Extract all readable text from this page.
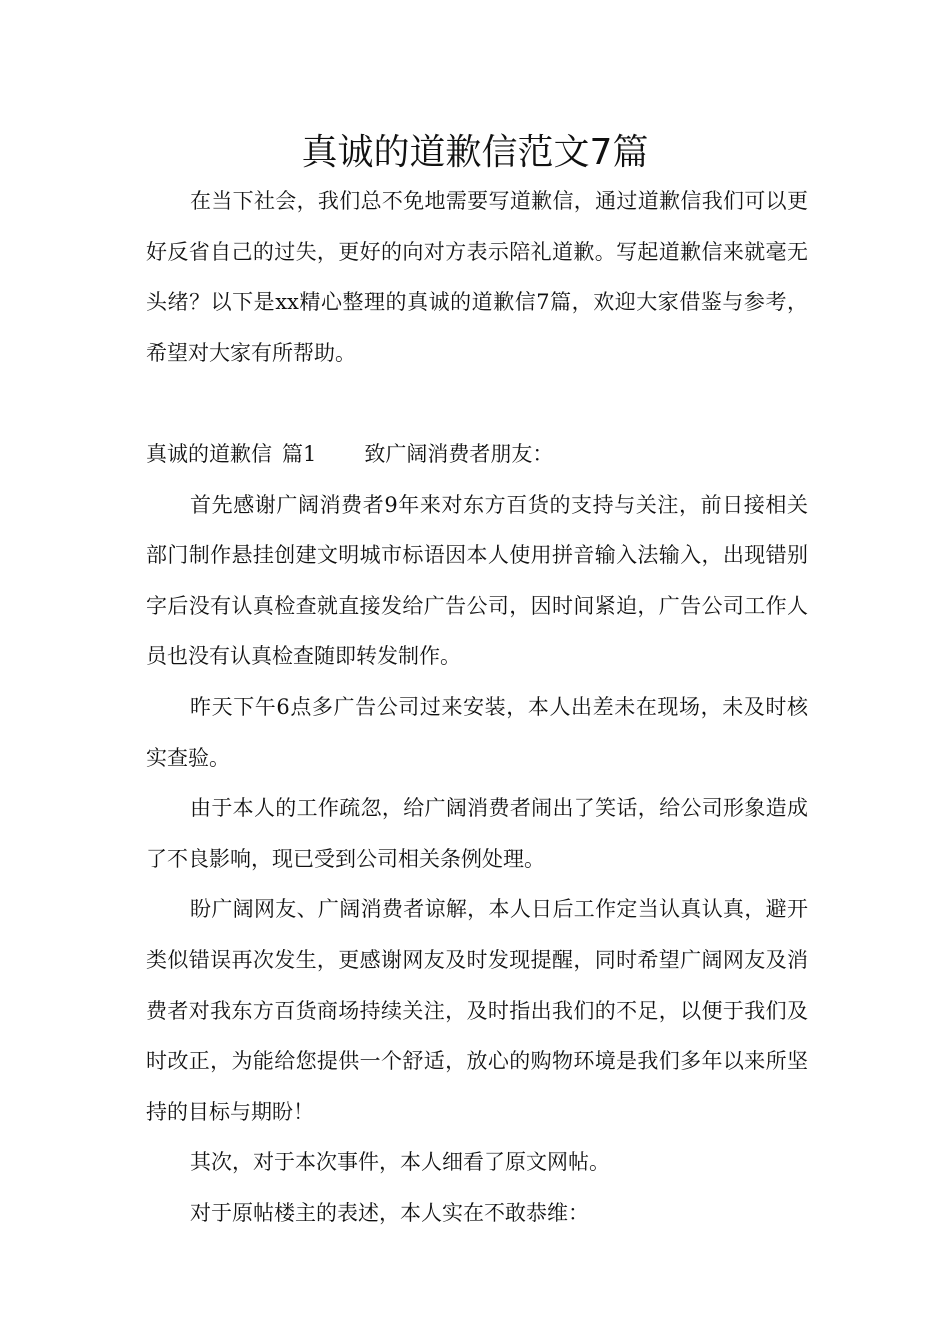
真诚的道歉信范文7篇

在当下社会，我们总不免地需要写道歉信，通过道歉信我们可以更好反省自己的过失，更好的向对方表示陪礼道歉。写起道歉信来就毫无头绪？以下是xx精心整理的真诚的道歉信7篇，欢迎大家借鉴与参考，希望对大家有所帮助。

真诚的道歉信 篇1 致广阔消费者朋友：

首先感谢广阔消费者9年来对东方百货的支持与关注，前日接相关部门制作悬挂创建文明城市标语因本人使用拼音输入法输入，出现错别字后没有认真检查就直接发给广告公司，因时间紧迫，广告公司工作人员也没有认真检查随即转发制作。

昨天下午6点多广告公司过来安装，本人出差未在现场，未及时核实查验。

由于本人的工作疏忽，给广阔消费者闹出了笑话，给公司形象造成了不良影响，现已受到公司相关条例处理。

盼广阔网友、广阔消费者谅解，本人日后工作定当认真认真，避开类似错误再次发生，更感谢网友及时发现提醒，同时希望广阔网友及消费者对我东方百货商场持续关注，及时指出我们的不足，以便于我们及时改正，为能给您提供一个舒适，放心的购物环境是我们多年以来所坚持的目标与期盼！

其次，对于本次事件，本人细看了原文网帖。

对于原帖楼主的表述，本人实在不敢恭维：
